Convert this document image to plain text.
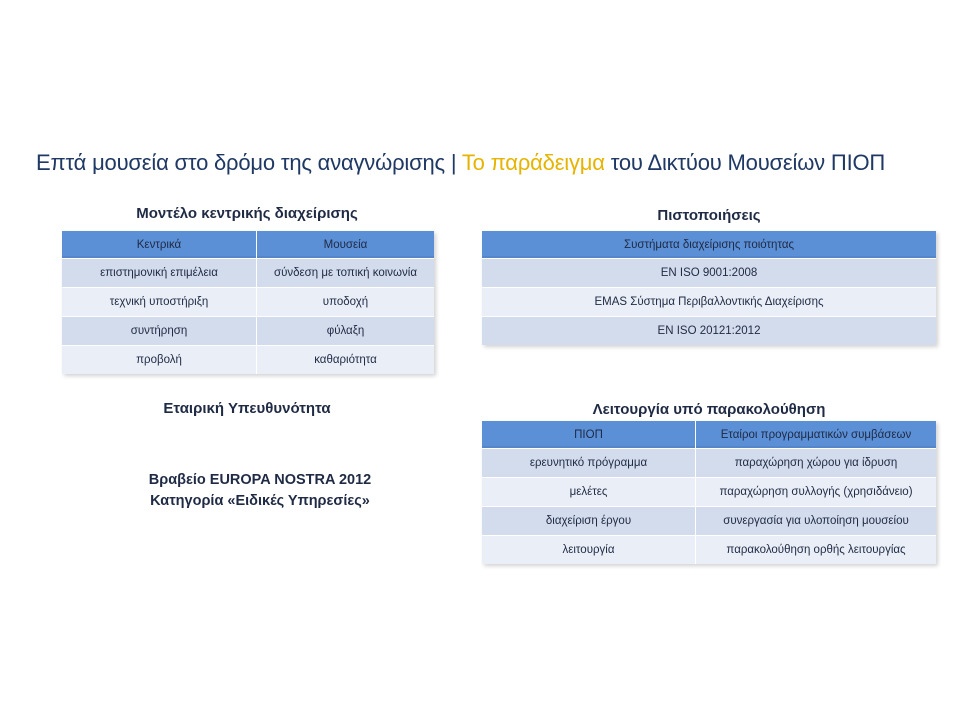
Επτά μουσεία στο δρόμο της αναγνώρισης | Το παράδειγμα του Δικτύου Μουσείων ΠΙΟΠ
Μοντέλο κεντρικής διαχείρισης
Κεντρικά	Μουσεία
επιστημονική επιμέλεια	σύνδεση με τοπική κοινωνία
τεχνική υποστήριξη	υποδοχή
συντήρηση	φύλαξη
προβολή	καθαριότητα
Πιστοποιήσεις
Συστήματα διαχείρισης ποιότητας
EN ISO 9001:2008
EMAS Σύστημα Περιβαλλοντικής Διαχείρισης
EN ISO 20121:2012
Εταιρική Υπευθυνότητα
Βραβείο EUROPA NOSTRA 2012
Κατηγορία «Ειδικές Υπηρεσίες»
Λειτουργία υπό παρακολούθηση
ΠΙΟΠ	Εταίροι προγραμματικών συμβάσεων
ερευνητικό πρόγραμμα	παραχώρηση χώρου για ίδρυση
μελέτες	παραχώρηση συλλογής (χρησιδάνειο)
διαχείριση έργου	συνεργασία για υλοποίηση μουσείου
λειτουργία	παρακολούθηση ορθής λειτουργίας
